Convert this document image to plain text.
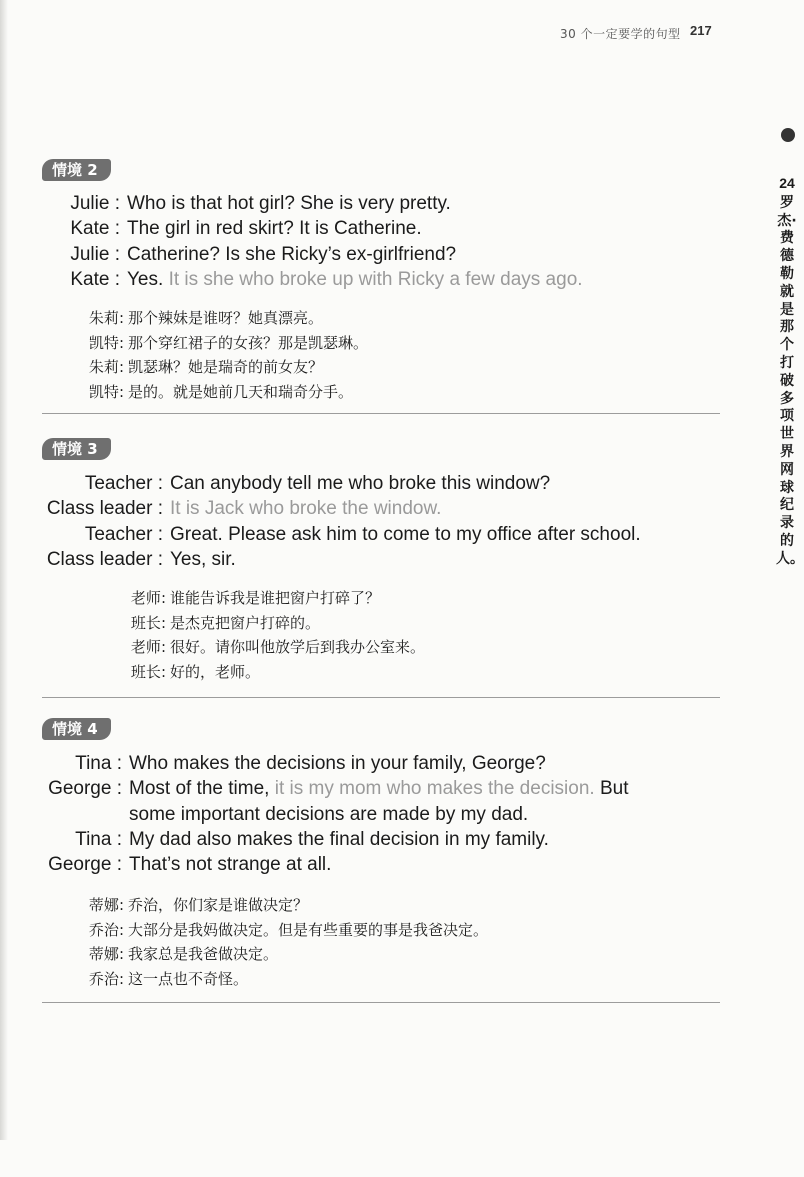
30 个一定要学的句型 217
24
罗杰·费德勒就是那个打破多项世界网球纪录的人。
情境 2
Julie : Who is that hot girl? She is very pretty.
Kate : The girl in red skirt? It is Catherine.
Julie : Catherine? Is she Ricky’s ex-girlfriend?
Kate : Yes. It is she who broke up with Ricky a few days ago.
朱莉: 那个辣妹是谁呀？她真漂亮。
凯特: 那个穿红裙子的女孩？那是凯瑟琳。
朱莉: 凯瑟琳？她是瑞奇的前女友？
凯特: 是的。就是她前几天和瑞奇分手。
情境 3
Teacher : Can anybody tell me who broke this window?
Class leader : It is Jack who broke the window.
Teacher : Great. Please ask him to come to my office after school.
Class leader : Yes, sir.
老师: 谁能告诉我是谁把窗户打碎了？
班长: 是杰克把窗户打碎的。
老师: 很好。请你叫他放学后到我办公室来。
班长: 好的，老师。
情境 4
Tina : Who makes the decisions in your family, George?
George : Most of the time, it is my mom who makes the decision. But
some important decisions are made by my dad.
Tina : My dad also makes the final decision in my family.
George : That’s not strange at all.
蒂娜: 乔治，你们家是谁做决定？
乔治: 大部分是我妈做决定。但是有些重要的事是我爸决定。
蒂娜: 我家总是我爸做决定。
乔治: 这一点也不奇怪。
